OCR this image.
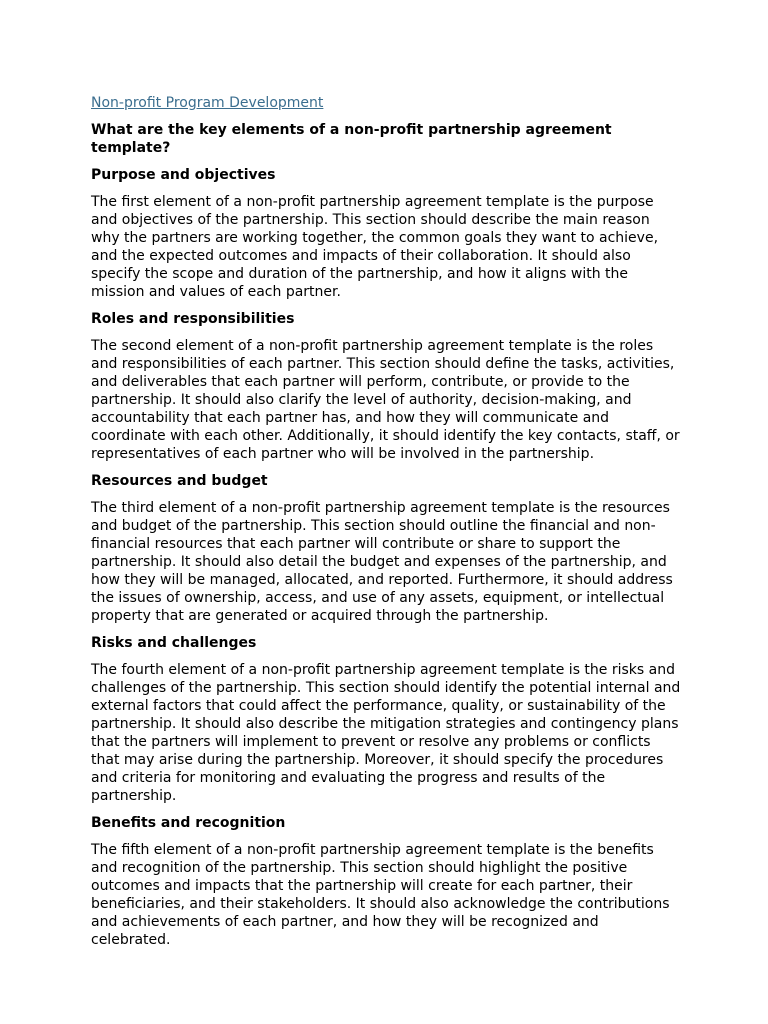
Non-profit Program Development
What are the key elements of a non-profit partnership agreement template?
Purpose and objectives
The first element of a non-profit partnership agreement template is the purpose and objectives of the partnership. This section should describe the main reason why the partners are working together, the common goals they want to achieve, and the expected outcomes and impacts of their collaboration. It should also specify the scope and duration of the partnership, and how it aligns with the mission and values of each partner.
Roles and responsibilities
The second element of a non-profit partnership agreement template is the roles and responsibilities of each partner. This section should define the tasks, activities, and deliverables that each partner will perform, contribute, or provide to the partnership. It should also clarify the level of authority, decision-making, and accountability that each partner has, and how they will communicate and coordinate with each other. Additionally, it should identify the key contacts, staff, or representatives of each partner who will be involved in the partnership.
Resources and budget
The third element of a non-profit partnership agreement template is the resources and budget of the partnership. This section should outline the financial and non-financial resources that each partner will contribute or share to support the partnership. It should also detail the budget and expenses of the partnership, and how they will be managed, allocated, and reported. Furthermore, it should address the issues of ownership, access, and use of any assets, equipment, or intellectual property that are generated or acquired through the partnership.
Risks and challenges
The fourth element of a non-profit partnership agreement template is the risks and challenges of the partnership. This section should identify the potential internal and external factors that could affect the performance, quality, or sustainability of the partnership. It should also describe the mitigation strategies and contingency plans that the partners will implement to prevent or resolve any problems or conflicts that may arise during the partnership. Moreover, it should specify the procedures and criteria for monitoring and evaluating the progress and results of the partnership.
Benefits and recognition
The fifth element of a non-profit partnership agreement template is the benefits and recognition of the partnership. This section should highlight the positive outcomes and impacts that the partnership will create for each partner, their beneficiaries, and their stakeholders. It should also acknowledge the contributions and achievements of each partner, and how they will be recognized and celebrated.
